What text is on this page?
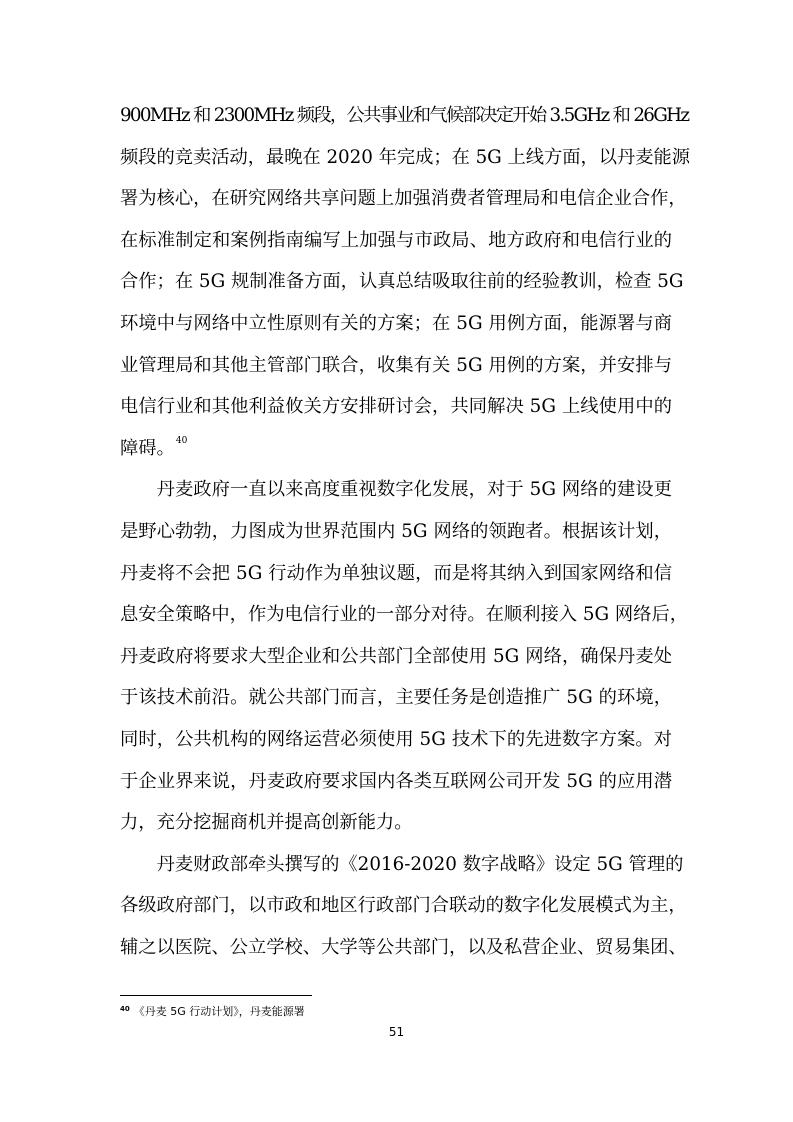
900MHz 和 2300MHz 频段，公共事业和气候部决定开始 3.5GHz 和 26GHz
频段的竞卖活动，最晚在 2020 年完成；在 5G 上线方面，以丹麦能源
署为核心，在研究网络共享问题上加强消费者管理局和电信企业合作，
在标准制定和案例指南编写上加强与市政局、地方政府和电信行业的
合作；在 5G 规制准备方面，认真总结吸取往前的经验教训，检查 5G
环境中与网络中立性原则有关的方案；在 5G 用例方面，能源署与商
业管理局和其他主管部门联合，收集有关 5G 用例的方案，并安排与
电信行业和其他利益攸关方安排研讨会，共同解决 5G 上线使用中的
障碍。40
丹麦政府一直以来高度重视数字化发展，对于 5G 网络的建设更
是野心勃勃，力图成为世界范围内 5G 网络的领跑者。根据该计划，
丹麦将不会把 5G 行动作为单独议题，而是将其纳入到国家网络和信
息安全策略中，作为电信行业的一部分对待。在顺利接入 5G 网络后，
丹麦政府将要求大型企业和公共部门全部使用 5G 网络，确保丹麦处
于该技术前沿。就公共部门而言，主要任务是创造推广 5G 的环境，
同时，公共机构的网络运营必须使用 5G 技术下的先进数字方案。对
于企业界来说，丹麦政府要求国内各类互联网公司开发 5G 的应用潜
力，充分挖掘商机并提高创新能力。
丹麦财政部牵头撰写的《2016-2020 数字战略》设定 5G 管理的
各级政府部门，以市政和地区行政部门合联动的数字化发展模式为主，
辅之以医院、公立学校、大学等公共部门，以及私营企业、贸易集团、
40 《丹麦 5G 行动计划》，丹麦能源署
51
